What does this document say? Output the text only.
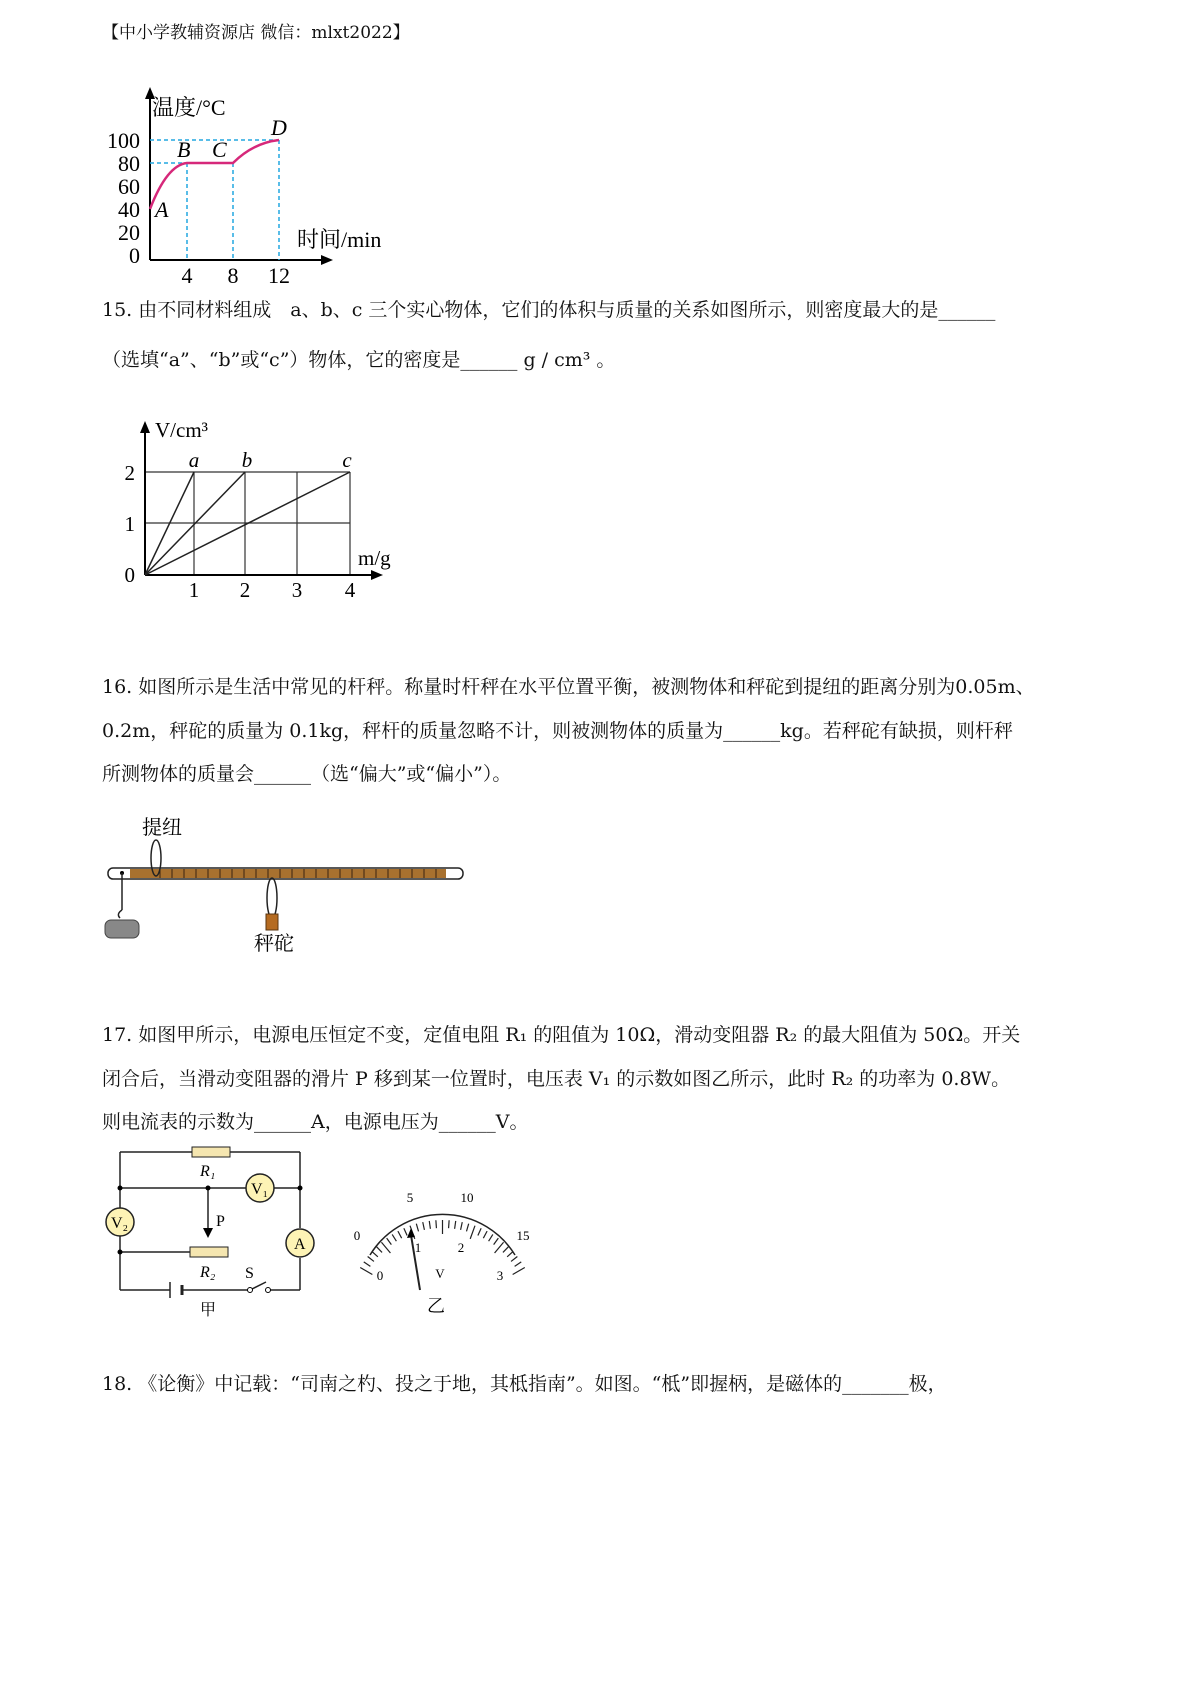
【中小学教辅资源店 微信：mlxt2022】
温度/°C
时间/min
100
80
60
40
20
0
4 8 12
A
B C
D
15. 由不同材料组成　a、b、c 三个实心物体，它们的体积与质量的关系如图所示，则密度最大的是______
（选填“a”、“b”或“c”）物体，它的密度是______ g / cm³ 。
V/cm³
m/g
2
1
0
1 2 3 4
a b	c
16. 如图所示是生活中常见的杆秤。称量时杆秤在水平位置平衡，被测物体和秤砣到提纽的距离分别为0.05m、
0.2m，秤砣的质量为 0.1kg，秤杆的质量忽略不计，则被测物体的质量为______kg。若秤砣有缺损，则杆秤
所测物体的质量会______（选“偏大”或“偏小”）。
提纽
秤砣
17. 如图甲所示，电源电压恒定不变，定值电阻 R₁ 的阻值为 10Ω，滑动变阻器 R₂ 的最大阻值为 50Ω。开关
闭合后，当滑动变阻器的滑片 P 移到某一位置时，电压表 V₁ 的示数如图乙所示，此时 R₂ 的功率为 0.8W。
则电流表的示数为______A，电源电压为______V。
V₁
V₂
A
R₁
R₂
P
S
甲
0
5	10
15
0
1	2
3
V
乙
18. 《论衡》中记载：“司南之杓、投之于地，其柢指南”。如图。“柢”即握柄，是磁体的_______极，
